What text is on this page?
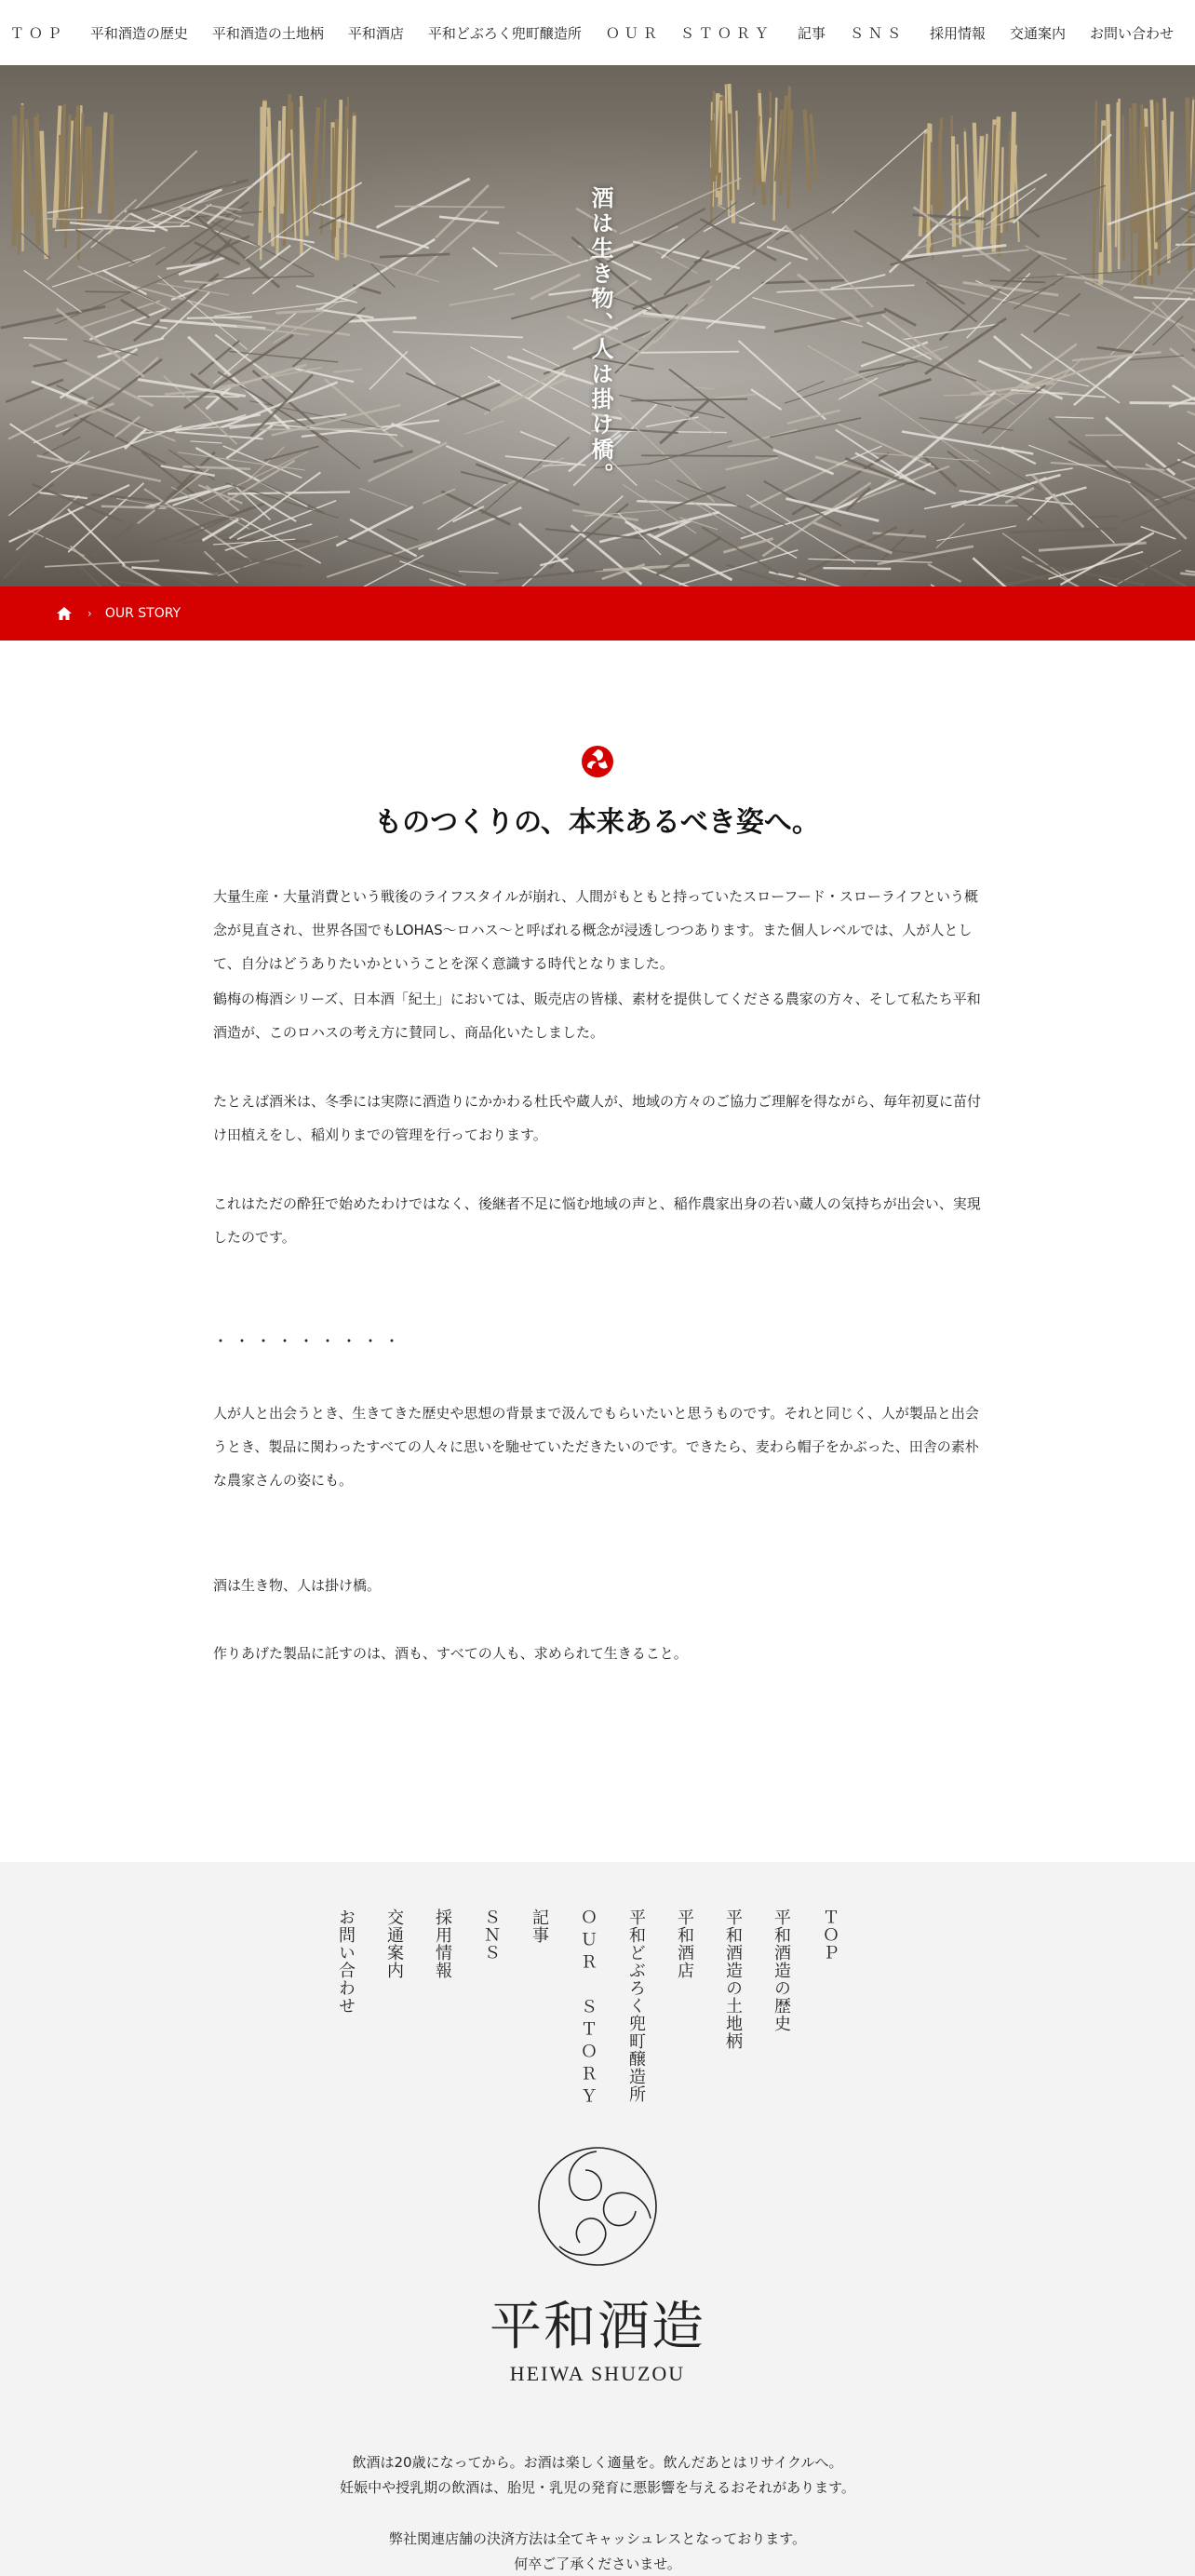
ＴＯＰ 平和酒造の歴史 平和酒造の土地柄 平和酒店 平和どぶろく兜町醸造所 ＯＵＲ　ＳＴＯＲＹ 記事 ＳＮＳ 採用情報 交通案内 お問い合わせ
酒は生き物、人は掛け橋。
› OUR STORY
ものつくりの、本来あるべき姿へ。

大量生産・大量消費という戦後のライフスタイルが崩れ、人間がもともと持っていたスローフード・スローライフという概念が見直され、世界各国でもLOHAS〜ロハス〜と呼ばれる概念が浸透しつつあります。また個人レベルでは、人が人として、自分はどうありたいかということを深く意識する時代となりました。

鶴梅の梅酒シリーズ、日本酒「紀土」においては、販売店の皆様、素材を提供してくださる農家の方々、そして私たち平和酒造が、このロハスの考え方に賛同し、商品化いたしました。

たとえば酒米は、冬季には実際に酒造りにかかわる杜氏や蔵人が、地域の方々のご協力ご理解を得ながら、毎年初夏に苗付け田植えをし、稲刈りまでの管理を行っております。

これはただの酔狂で始めたわけではなく、後継者不足に悩む地域の声と、稲作農家出身の若い蔵人の気持ちが出会い、実現したのです。

・・・・・・・・・

人が人と出会うとき、生きてきた歴史や思想の背景まで汲んでもらいたいと思うものです。それと同じく、人が製品と出会うとき、製品に関わったすべての人々に思いを馳せていただきたいのです。できたら、麦わら帽子をかぶった、田舎の素朴な農家さんの姿にも。

酒は生き物、人は掛け橋。

作りあげた製品に託すのは、酒も、すべての人も、求められて生きること。

ＴＯＰ
平和酒造の歴史
平和酒造の土地柄
平和酒店
平和どぶろく兜町醸造所
ＯＵＲ　ＳＴＯＲＹ
記事
ＳＮＳ
採用情報
交通案内
お問い合わせ
平和酒造
HEIWA SHUZOU

飲酒は20歳になってから。お酒は楽しく適量を。飲んだあとはリサイクルへ。

妊娠中や授乳期の飲酒は、胎児・乳児の発育に悪影響を与えるおそれがあります。

弊社関連店舗の決済方法は全てキャッシュレスとなっております。

何卒ご了承くださいませ。
